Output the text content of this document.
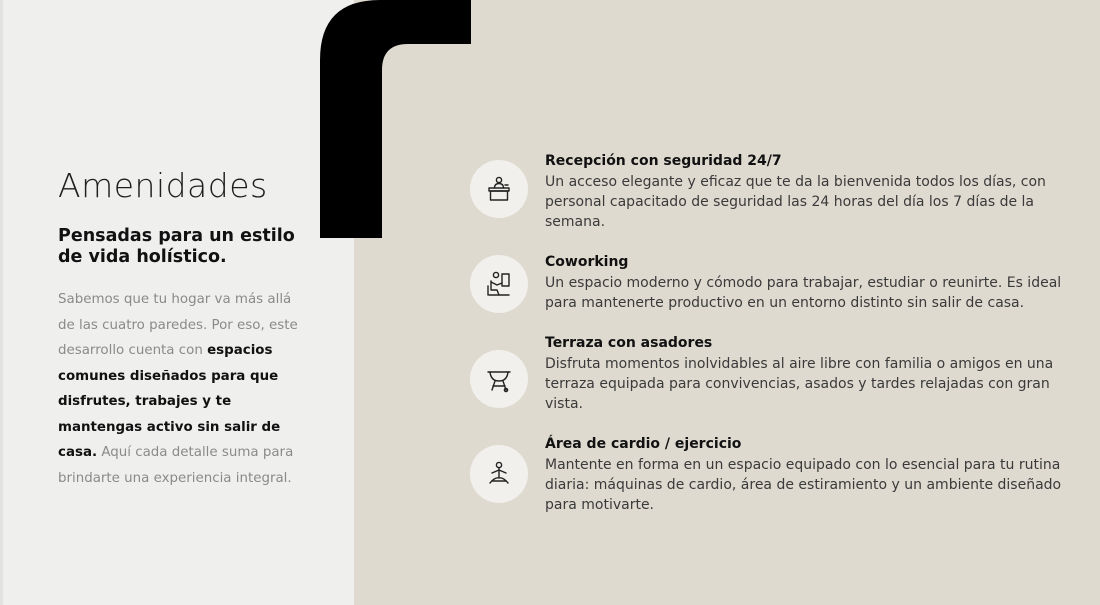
Amenidades
Pensadas para un estilo de vida holístico.

Sabemos que tu hogar va más allá de las cuatro paredes. Por eso, este desarrollo cuenta con espacios comunes diseñados para que disfrutes, trabajes y te mantengas activo sin salir de casa. Aquí cada detalle suma para brindarte una experiencia integral.

Recepción con seguridad 24/7
Un acceso elegante y eficaz que te da la bienvenida todos los días, con personal capacitado de seguridad las 24 horas del día los 7 días de la semana.
Coworking
Un espacio moderno y cómodo para trabajar, estudiar o reunirte. Es ideal para mantenerte productivo en un entorno distinto sin salir de casa.
Terraza con asadores
Disfruta momentos inolvidables al aire libre con familia o amigos en una terraza equipada para convivencias, asados y tardes relajadas con gran vista.
Área de cardio / ejercicio
Mantente en forma en un espacio equipado con lo esencial para tu rutina diaria: máquinas de cardio, área de estiramiento y un ambiente diseñado para motivarte.
